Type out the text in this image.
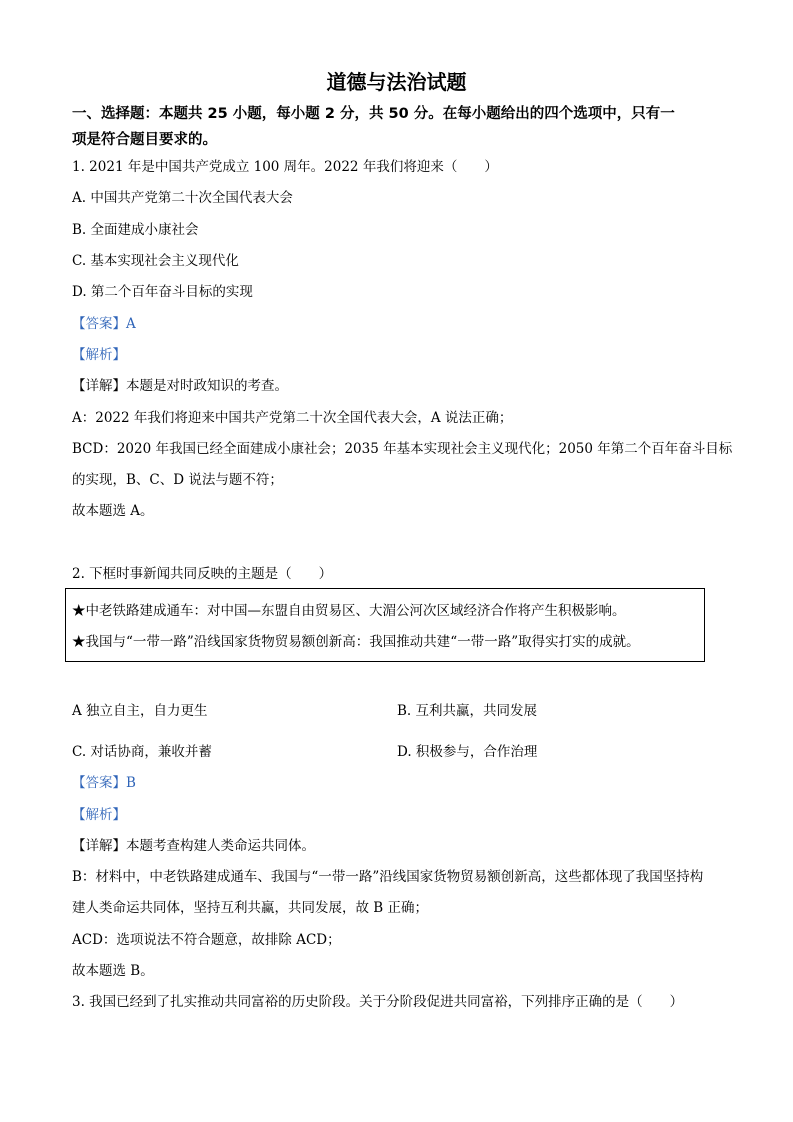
道德与法治试题
一、选择题：本题共 25 小题，每小题 2 分，共 50 分。在每小题给出的四个选项中，只有一
项是符合题目要求的。
1. 2021 年是中国共产党成立 100 周年。2022 年我们将迎来（　　）
A. 中国共产党第二十次全国代表大会
B. 全面建成小康社会
C. 基本实现社会主义现代化
D. 第二个百年奋斗目标的实现
【答案】A
【解析】
【详解】本题是对时政知识的考查。
A：2022 年我们将迎来中国共产党第二十次全国代表大会，A 说法正确；
BCD：2020 年我国已经全面建成小康社会；2035 年基本实现社会主义现代化；2050 年第二个百年奋斗目标
的实现，B、C、D 说法与题不符；
故本题选 A。
2. 下框时事新闻共同反映的主题是（　　）
★中老铁路建成通车：对中国—东盟自由贸易区、大湄公河次区域经济合作将产生积极影响。
★我国与“一带一路”沿线国家货物贸易额创新高：我国推动共建“一带一路”取得实打实的成就。
A 独立自主，自力更生	B. 互利共赢，共同发展
C. 对话协商，兼收并蓄	D. 积极参与，合作治理
【答案】B
【解析】
【详解】本题考查构建人类命运共同体。
B：材料中，中老铁路建成通车、我国与“一带一路”沿线国家货物贸易额创新高，这些都体现了我国坚持构
建人类命运共同体，坚持互利共赢，共同发展，故 B 正确；
ACD：选项说法不符合题意，故排除 ACD；
故本题选 B。
3. 我国已经到了扎实推动共同富裕的历史阶段。关于分阶段促进共同富裕，下列排序正确的是（　　）
